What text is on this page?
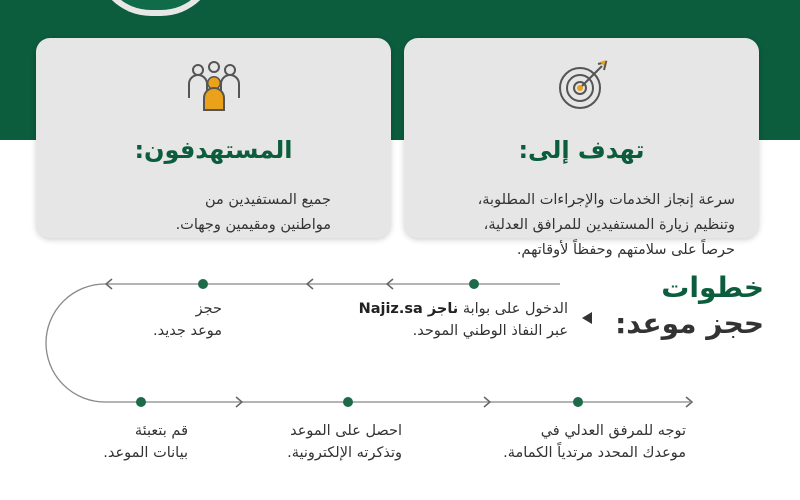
المستهدفون:

جميع المستفيدين من
مواطنين ومقيمين وجهات.

تهدف إلى:

سرعة إنجاز الخدمات والإجراءات المطلوبة،
وتنظيم زيارة المستفيدين للمرافق العدلية،
حرصاً على سلامتهم وحفظاً لأوقاتهم.

خطوات
حجز موعد:
الدخول على بوابة ناجز Najiz.sa
عبر النفاذ الوطني الموحد.
حجز
موعد جديد.
توجه للمرفق العدلي في
موعدك المحدد مرتدياً الكمامة.
احصل على الموعد
وتذكرته الإلكترونية.
قم بتعبئة
بيانات الموعد.
